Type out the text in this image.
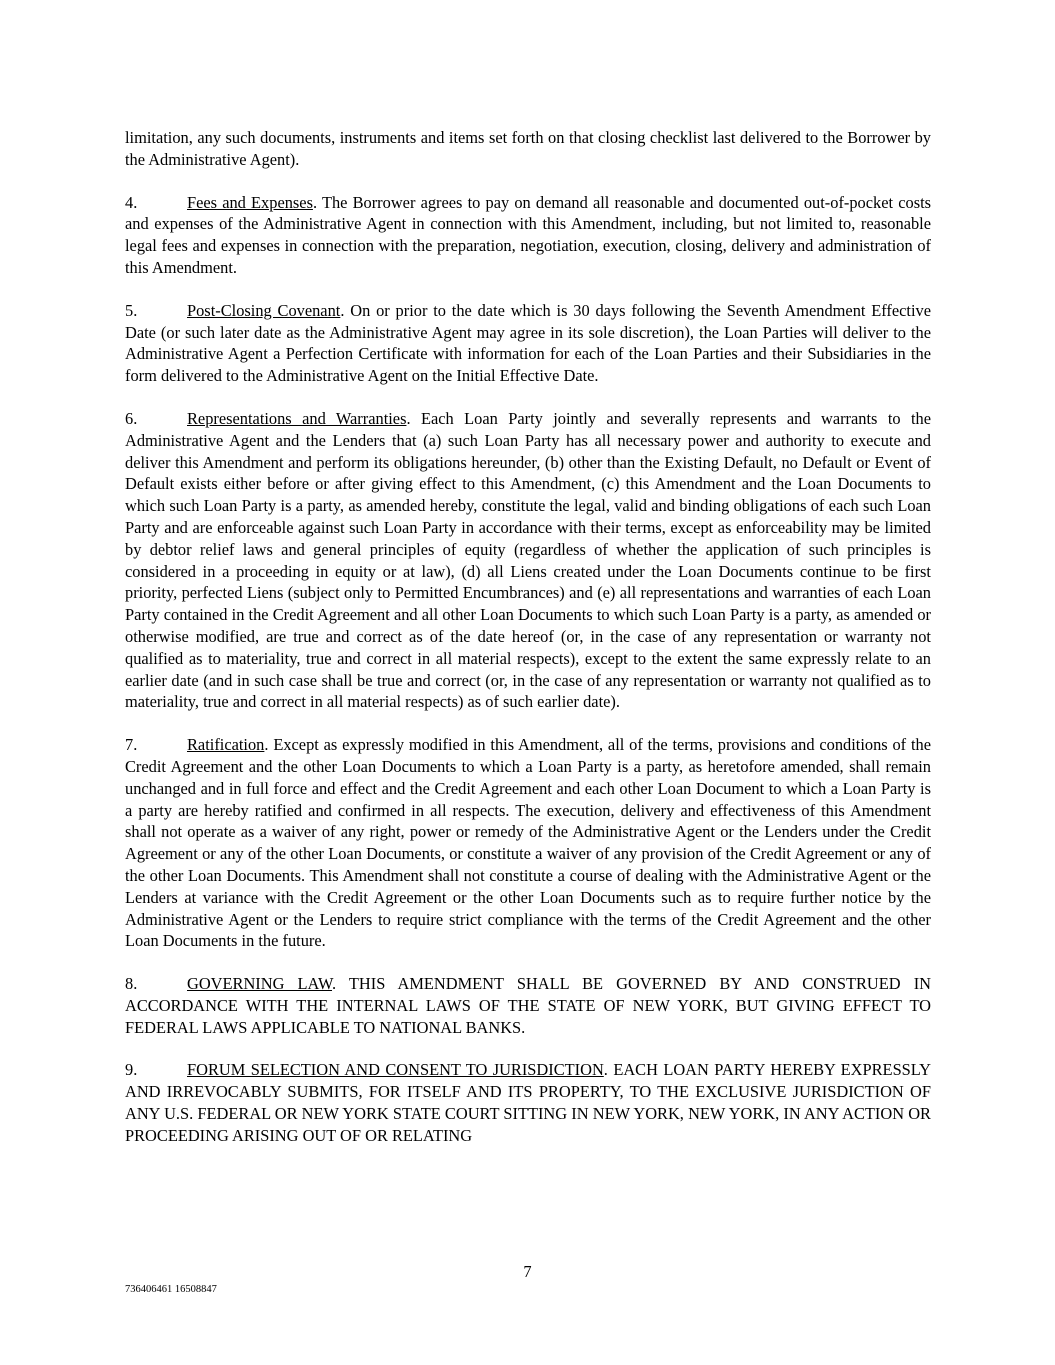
limitation, any such documents, instruments and items set forth on that closing checklist last delivered to the Borrower by the Administrative Agent).

4.	Fees and Expenses. The Borrower agrees to pay on demand all reasonable and documented out-of-pocket costs and expenses of the Administrative Agent in connection with this Amendment, including, but not limited to, reasonable legal fees and expenses in connection with the preparation, negotiation, execution, closing, delivery and administration of this Amendment.

5.	Post-Closing Covenant. On or prior to the date which is 30 days following the Seventh Amendment Effective Date (or such later date as the Administrative Agent may agree in its sole discretion), the Loan Parties will deliver to the Administrative Agent a Perfection Certificate with information for each of the Loan Parties and their Subsidiaries in the form delivered to the Administrative Agent on the Initial Effective Date.

6.	Representations and Warranties. Each Loan Party jointly and severally represents and warrants to the Administrative Agent and the Lenders that (a) such Loan Party has all necessary power and authority to execute and deliver this Amendment and perform its obligations hereunder, (b) other than the Existing Default, no Default or Event of Default exists either before or after giving effect to this Amendment, (c) this Amendment and the Loan Documents to which such Loan Party is a party, as amended hereby, constitute the legal, valid and binding obligations of each such Loan Party and are enforceable against such Loan Party in accordance with their terms, except as enforceability may be limited by debtor relief laws and general principles of equity (regardless of whether the application of such principles is considered in a proceeding in equity or at law), (d) all Liens created under the Loan Documents continue to be first priority, perfected Liens (subject only to Permitted Encumbrances) and (e) all representations and warranties of each Loan Party contained in the Credit Agreement and all other Loan Documents to which such Loan Party is a party, as amended or otherwise modified, are true and correct as of the date hereof (or, in the case of any representation or warranty not qualified as to materiality, true and correct in all material respects), except to the extent the same expressly relate to an earlier date (and in such case shall be true and correct (or, in the case of any representation or warranty not qualified as to materiality, true and correct in all material respects) as of such earlier date).

7.	Ratification. Except as expressly modified in this Amendment, all of the terms, provisions and conditions of the Credit Agreement and the other Loan Documents to which a Loan Party is a party, as heretofore amended, shall remain unchanged and in full force and effect and the Credit Agreement and each other Loan Document to which a Loan Party is a party are hereby ratified and confirmed in all respects. The execution, delivery and effectiveness of this Amendment shall not operate as a waiver of any right, power or remedy of the Administrative Agent or the Lenders under the Credit Agreement or any of the other Loan Documents, or constitute a waiver of any provision of the Credit Agreement or any of the other Loan Documents. This Amendment shall not constitute a course of dealing with the Administrative Agent or the Lenders at variance with the Credit Agreement or the other Loan Documents such as to require further notice by the Administrative Agent or the Lenders to require strict compliance with the terms of the Credit Agreement and the other Loan Documents in the future.

8.	GOVERNING LAW. THIS AMENDMENT SHALL BE GOVERNED BY AND CONSTRUED IN ACCORDANCE WITH THE INTERNAL LAWS OF THE STATE OF NEW YORK, BUT GIVING EFFECT TO FEDERAL LAWS APPLICABLE TO NATIONAL BANKS.

9.	FORUM SELECTION AND CONSENT TO JURISDICTION. EACH LOAN PARTY HEREBY EXPRESSLY AND IRREVOCABLY SUBMITS, FOR ITSELF AND ITS PROPERTY, TO THE EXCLUSIVE JURISDICTION OF ANY U.S. FEDERAL OR NEW YORK STATE COURT SITTING IN NEW YORK, NEW YORK, IN ANY ACTION OR PROCEEDING ARISING OUT OF OR RELATING

7
736406461 16508847
